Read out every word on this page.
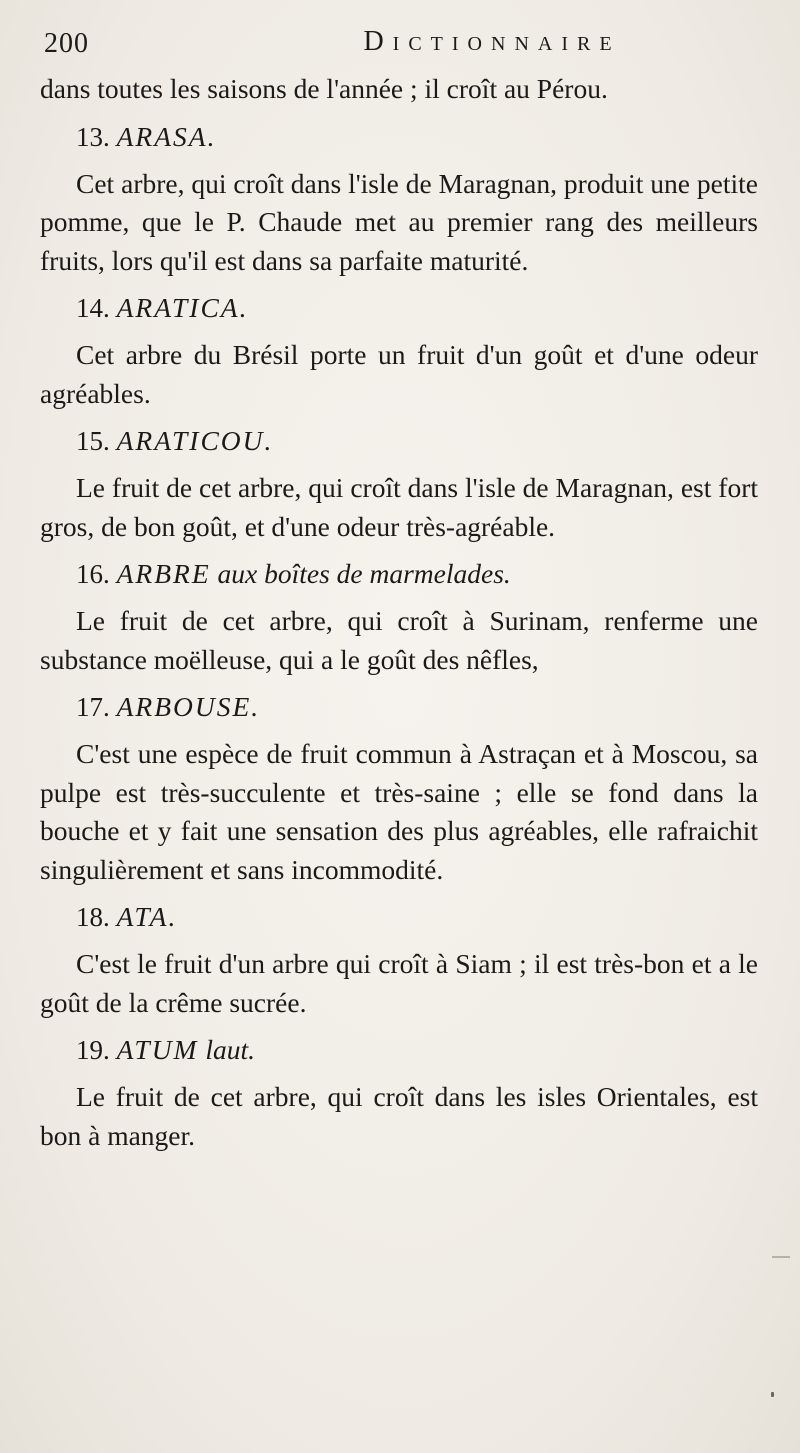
200	Dictionnaire

dans toutes les saisons de l'année ; il croît au Pérou.

13. ARASA.

Cet arbre, qui croît dans l'isle de Maragnan, produit une petite pomme, que le P. Chaude met au premier rang des meilleurs fruits, lors qu'il est dans sa parfaite maturité.

14. ARATICA.

Cet arbre du Brésil porte un fruit d'un goût et d'une odeur agréables.

15. ARATICOU.

Le fruit de cet arbre, qui croît dans l'isle de Maragnan, est fort gros, de bon goût, et d'une odeur très-agréable.

16. ARBRE aux boîtes de marmelades.

Le fruit de cet arbre, qui croît à Surinam, renferme une substance moëlleuse, qui a le goût des nêfles,

17. ARBOUSE.

C'est une espèce de fruit commun à Astraçan et à Moscou, sa pulpe est très-succulente et très-saine ; elle se fond dans la bouche et y fait une sensation des plus agréables, elle rafraichit singulièrement et sans incommodité.

18. ATA.

C'est le fruit d'un arbre qui croît à Siam ; il est très-bon et a le goût de la crême sucrée.

19. ATUM laut.

Le fruit de cet arbre, qui croît dans les isles Orientales, est bon à manger.
